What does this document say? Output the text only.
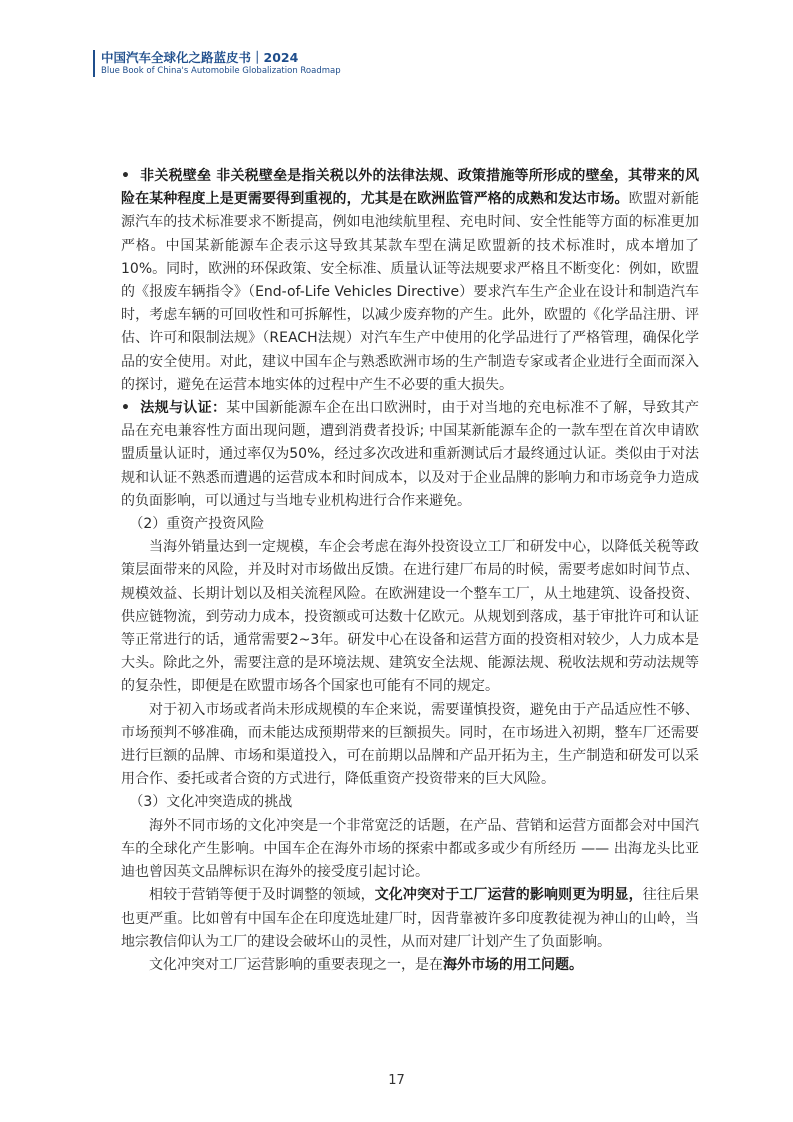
中国汽车全球化之路蓝皮书｜2024
Blue Book of China's Automobile Globalization Roadmap

• 非关税壁垒 非关税壁垒是指关税以外的法律法规、政策措施等所形成的壁垒，其带来的风险在某种程度上是更需要得到重视的，尤其是在欧洲监管严格的成熟和发达市场。欧盟对新能源汽车的技术标准要求不断提高，例如电池续航里程、充电时间、安全性能等方面的标准更加严格。中国某新能源车企表示这导致其某款车型在满足欧盟新的技术标准时，成本增加了10%。同时，欧洲的环保政策、安全标准、质量认证等法规要求严格且不断变化：例如，欧盟的《报废车辆指令》（End-of-Life Vehicles Directive）要求汽车生产企业在设计和制造汽车时，考虑车辆的可回收性和可拆解性，以减少废弃物的产生。此外，欧盟的《化学品注册、评估、许可和限制法规》（REACH法规）对汽车生产中使用的化学品进行了严格管理，确保化学品的安全使用。对此，建议中国车企与熟悉欧洲市场的生产制造专家或者企业进行全面而深入的探讨，避免在运营本地实体的过程中产生不必要的重大损失。

• 法规与认证：某中国新能源车企在出口欧洲时，由于对当地的充电标准不了解，导致其产品在充电兼容性方面出现问题，遭到消费者投诉; 中国某新能源车企的一款车型在首次申请欧盟质量认证时，通过率仅为50%，经过多次改进和重新测试后才最终通过认证。类似由于对法规和认证不熟悉而遭遇的运营成本和时间成本，以及对于企业品牌的影响力和市场竞争力造成的负面影响，可以通过与当地专业机构进行合作来避免。

（2）重资产投资风险

当海外销量达到一定规模，车企会考虑在海外投资设立工厂和研发中心，以降低关税等政策层面带来的风险，并及时对市场做出反馈。在进行建厂布局的时候，需要考虑如时间节点、规模效益、长期计划以及相关流程风险。在欧洲建设一个整车工厂，从土地建筑、设备投资、供应链物流，到劳动力成本，投资额或可达数十亿欧元。从规划到落成，基于审批许可和认证等正常进行的话，通常需要2~3年。研发中心在设备和运营方面的投资相对较少，人力成本是大头。除此之外，需要注意的是环境法规、建筑安全法规、能源法规、税收法规和劳动法规等的复杂性，即便是在欧盟市场各个国家也可能有不同的规定。

对于初入市场或者尚未形成规模的车企来说，需要谨慎投资，避免由于产品适应性不够、市场预判不够准确，而未能达成预期带来的巨额损失。同时，在市场进入初期，整车厂还需要进行巨额的品牌、市场和渠道投入，可在前期以品牌和产品开拓为主，生产制造和研发可以采用合作、委托或者合资的方式进行，降低重资产投资带来的巨大风险。

（3）文化冲突造成的挑战

海外不同市场的文化冲突是一个非常宽泛的话题，在产品、营销和运营方面都会对中国汽车的全球化产生影响。中国车企在海外市场的探索中都或多或少有所经历 —— 出海龙头比亚迪也曾因英文品牌标识在海外的接受度引起讨论。

相较于营销等便于及时调整的领域，文化冲突对于工厂运营的影响则更为明显，往往后果也更严重。比如曾有中国车企在印度选址建厂时，因背靠被许多印度教徒视为神山的山岭，当地宗教信仰认为工厂的建设会破坏山的灵性，从而对建厂计划产生了负面影响。

文化冲突对工厂运营影响的重要表现之一，是在海外市场的用工问题。

17
